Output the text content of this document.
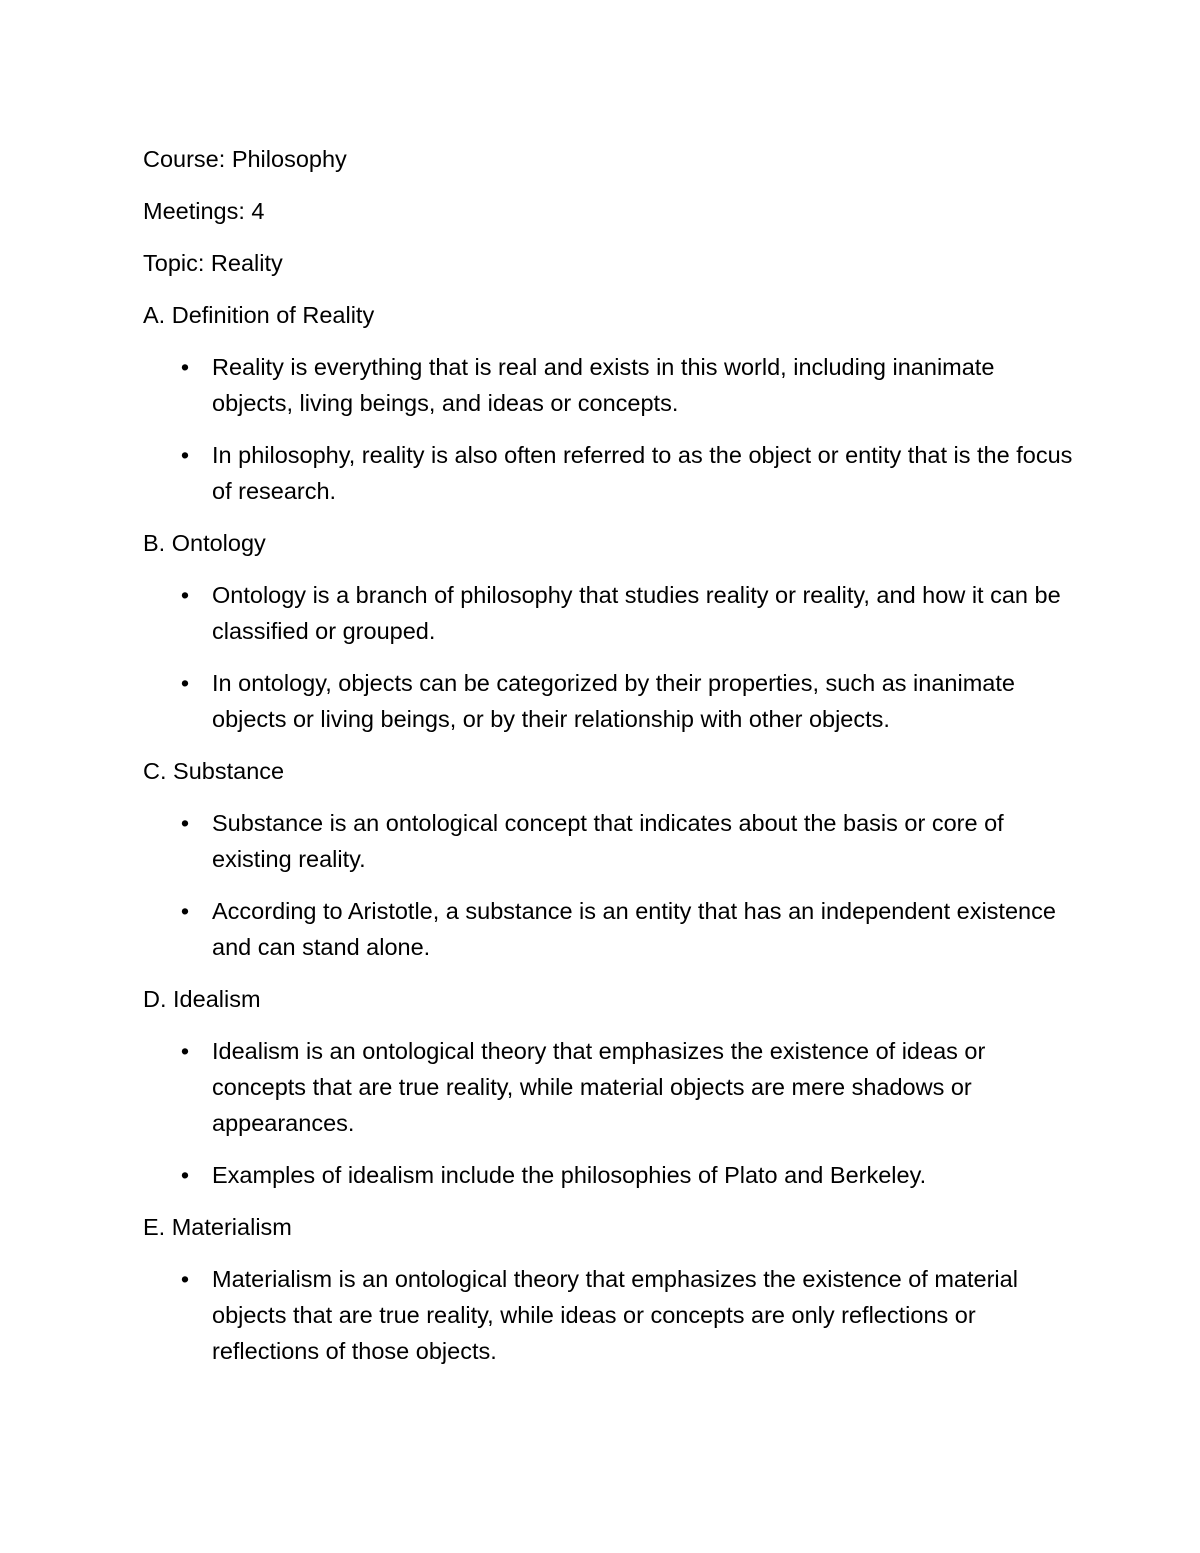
Course: Philosophy

Meetings: 4

Topic: Reality

A. Definition of Reality

• Reality is everything that is real and exists in this world, including inanimate objects, living beings, and ideas or concepts.
• In philosophy, reality is also often referred to as the object or entity that is the focus of research.

B. Ontology

• Ontology is a branch of philosophy that studies reality or reality, and how it can be classified or grouped.
• In ontology, objects can be categorized by their properties, such as inanimate objects or living beings, or by their relationship with other objects.

C. Substance

• Substance is an ontological concept that indicates about the basis or core of existing reality.
• According to Aristotle, a substance is an entity that has an independent existence and can stand alone.

D. Idealism

• Idealism is an ontological theory that emphasizes the existence of ideas or concepts that are true reality, while material objects are mere shadows or appearances.
• Examples of idealism include the philosophies of Plato and Berkeley.

E. Materialism

• Materialism is an ontological theory that emphasizes the existence of material objects that are true reality, while ideas or concepts are only reflections or reflections of those objects.
